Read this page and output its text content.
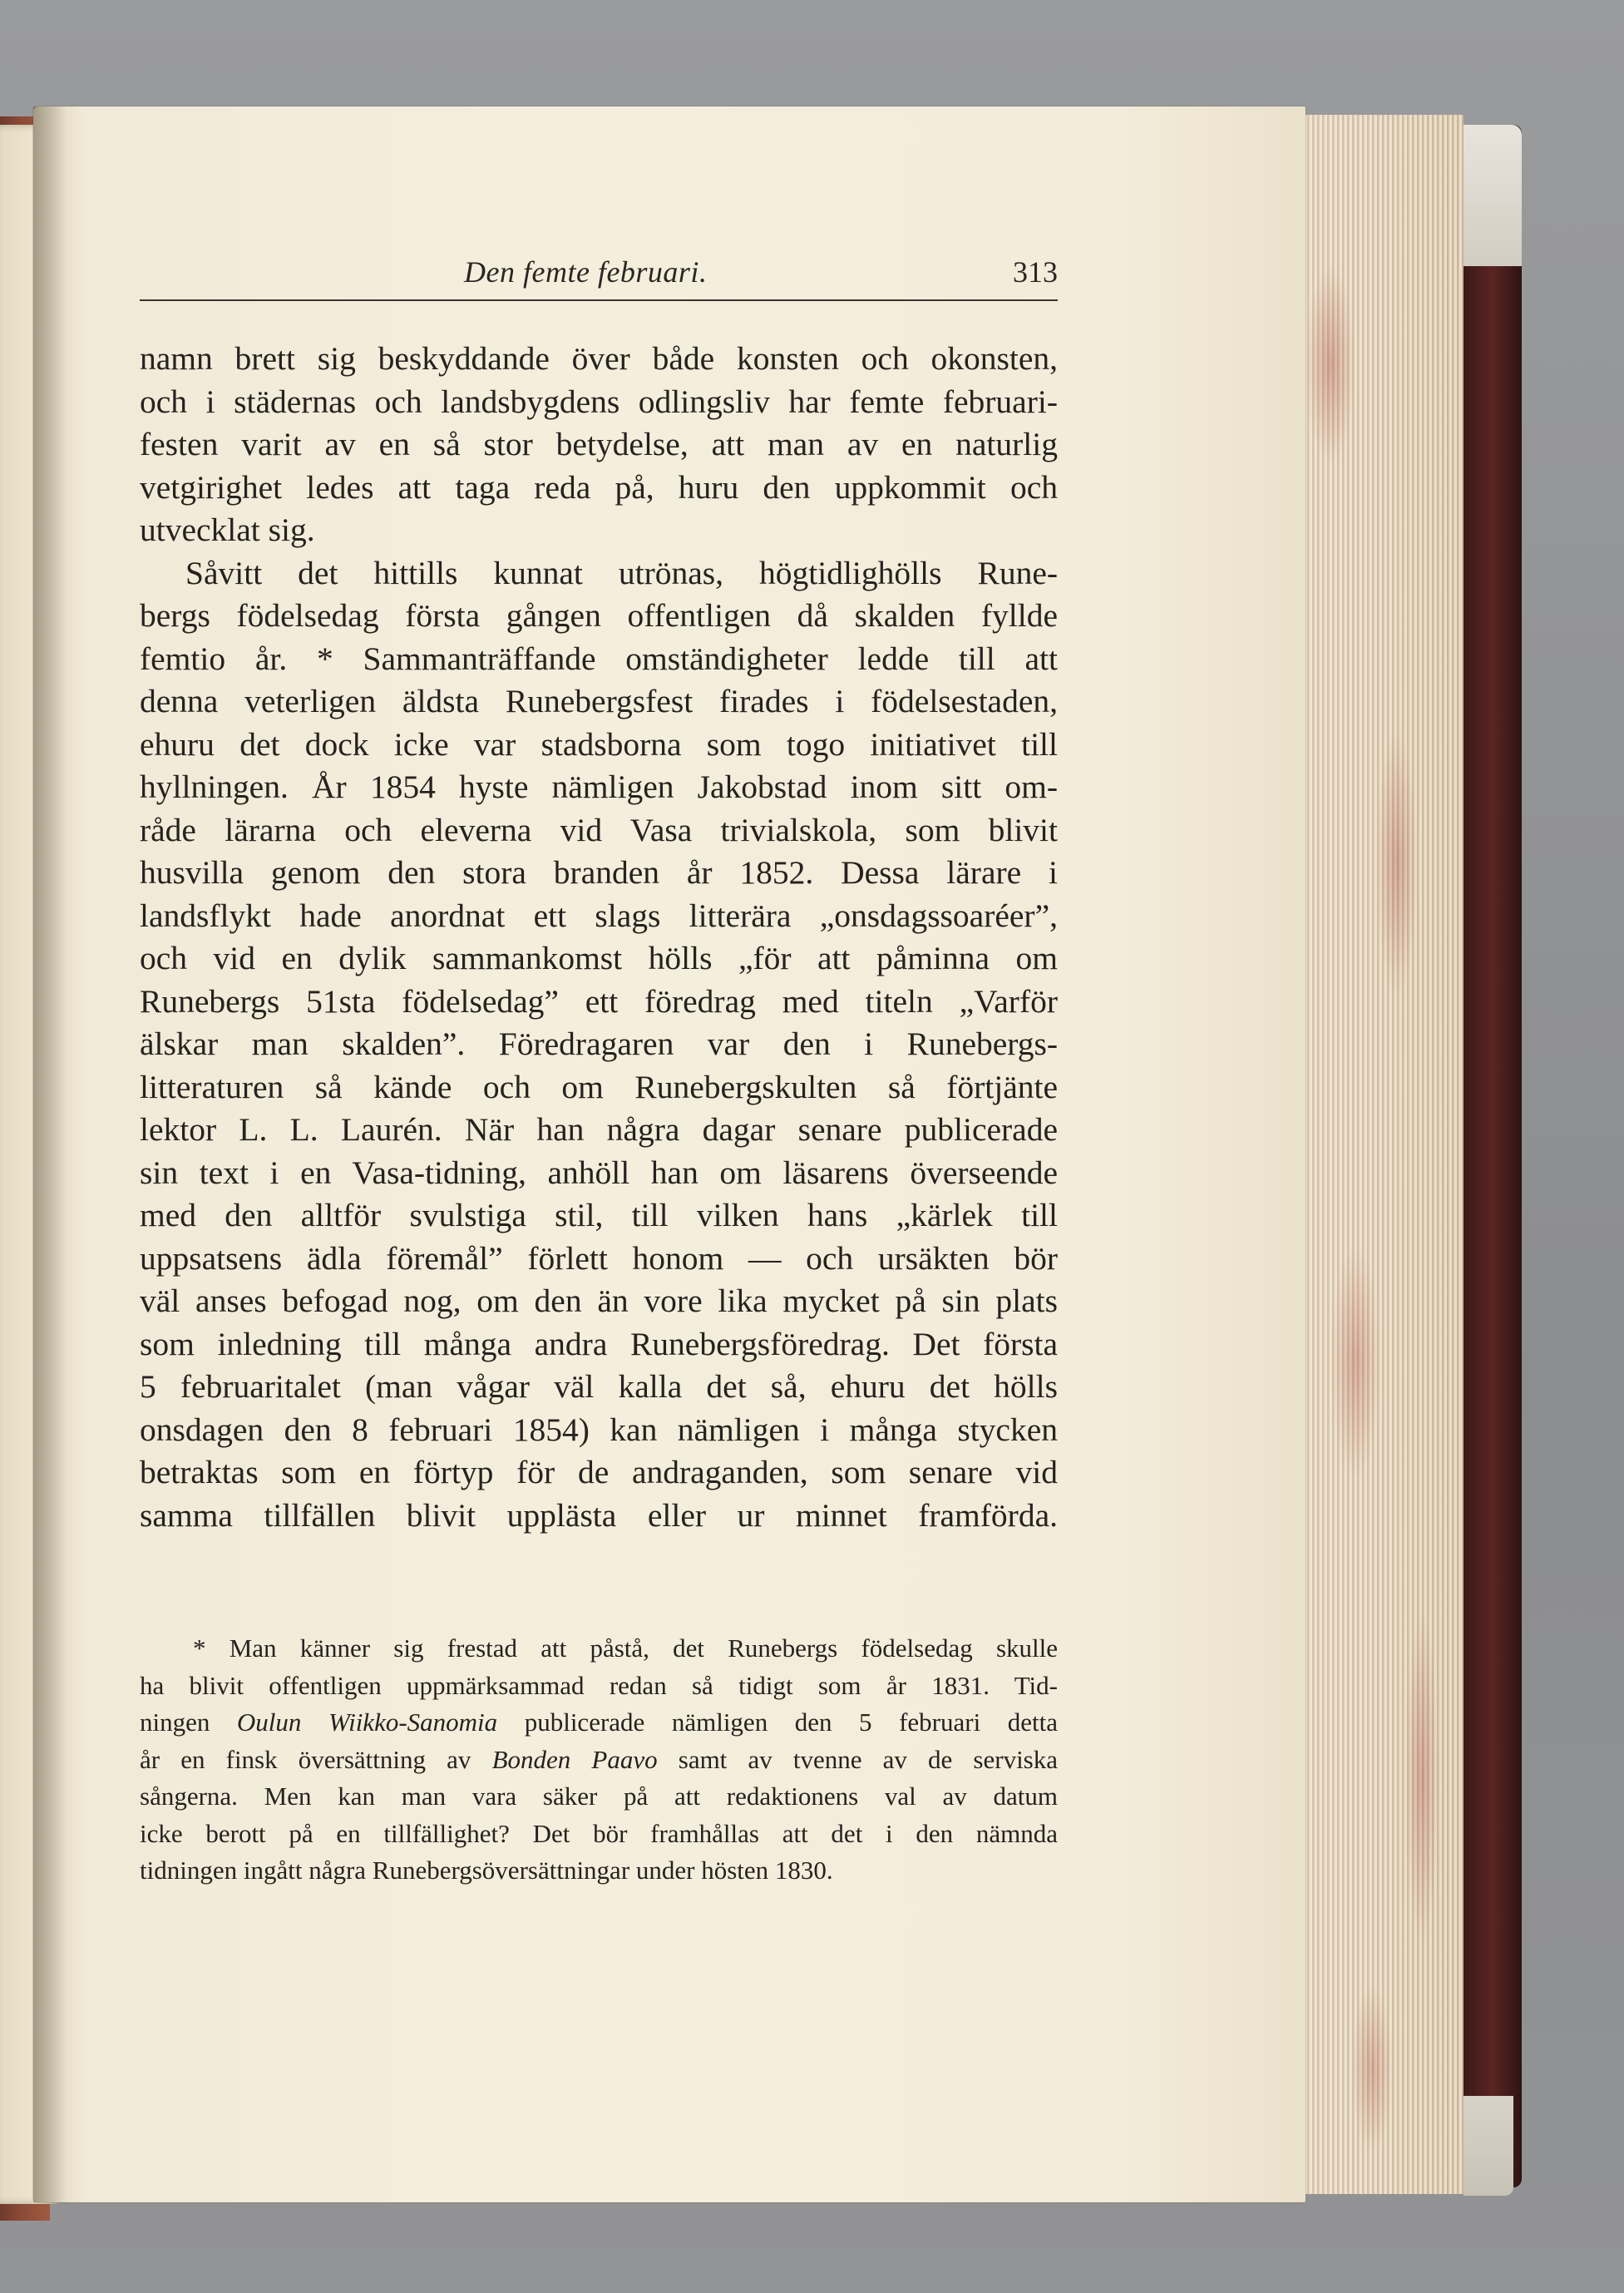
Den femte februari.	313
namn brett sig beskyddande över både konsten och okonsten,
och i städernas och landsbygdens odlingsliv har femte februari-
festen varit av en så stor betydelse, att man av en naturlig
vetgirighet ledes att taga reda på, huru den uppkommit och
utvecklat sig.
Såvitt det hittills kunnat utrönas, högtidlighölls Rune-
bergs födelsedag första gången offentligen då skalden fyllde
femtio år. * Sammanträffande omständigheter ledde till att
denna veterligen äldsta Runebergsfest firades i födelsestaden,
ehuru det dock icke var stadsborna som togo initiativet till
hyllningen. År 1854 hyste nämligen Jakobstad inom sitt om-
råde lärarna och eleverna vid Vasa trivialskola, som blivit
husvilla genom den stora branden år 1852. Dessa lärare i
landsflykt hade anordnat ett slags litterära „onsdagssoaréer”,
och vid en dylik sammankomst hölls „för att påminna om
Runebergs 51sta födelsedag” ett föredrag med titeln „Varför
älskar man skalden”. Föredragaren var den i Runebergs-
litteraturen så kände och om Runebergskulten så förtjänte
lektor L. L. Laurén. När han några dagar senare publicerade
sin text i en Vasa-tidning, anhöll han om läsarens överseende
med den alltför svulstiga stil, till vilken hans „kärlek till
uppsatsens ädla föremål” förlett honom — och ursäkten bör
väl anses befogad nog, om den än vore lika mycket på sin plats
som inledning till många andra Runebergsföredrag. Det första
5 februaritalet (man vågar väl kalla det så, ehuru det hölls
onsdagen den 8 februari 1854) kan nämligen i många stycken
betraktas som en förtyp för de andraganden, som senare vid
samma tillfällen blivit upplästa eller ur minnet framförda.
* Man känner sig frestad att påstå, det Runebergs födelsedag skulle
ha blivit offentligen uppmärksammad redan så tidigt som år 1831. Tid-
ningen Oulun Wiikko-Sanomia publicerade nämligen den 5 februari detta
år en finsk översättning av Bonden Paavo samt av tvenne av de serviska
sångerna. Men kan man vara säker på att redaktionens val av datum
icke berott på en tillfällighet? Det bör framhållas att det i den nämnda
tidningen ingått några Runebergsöversättningar under hösten 1830.
